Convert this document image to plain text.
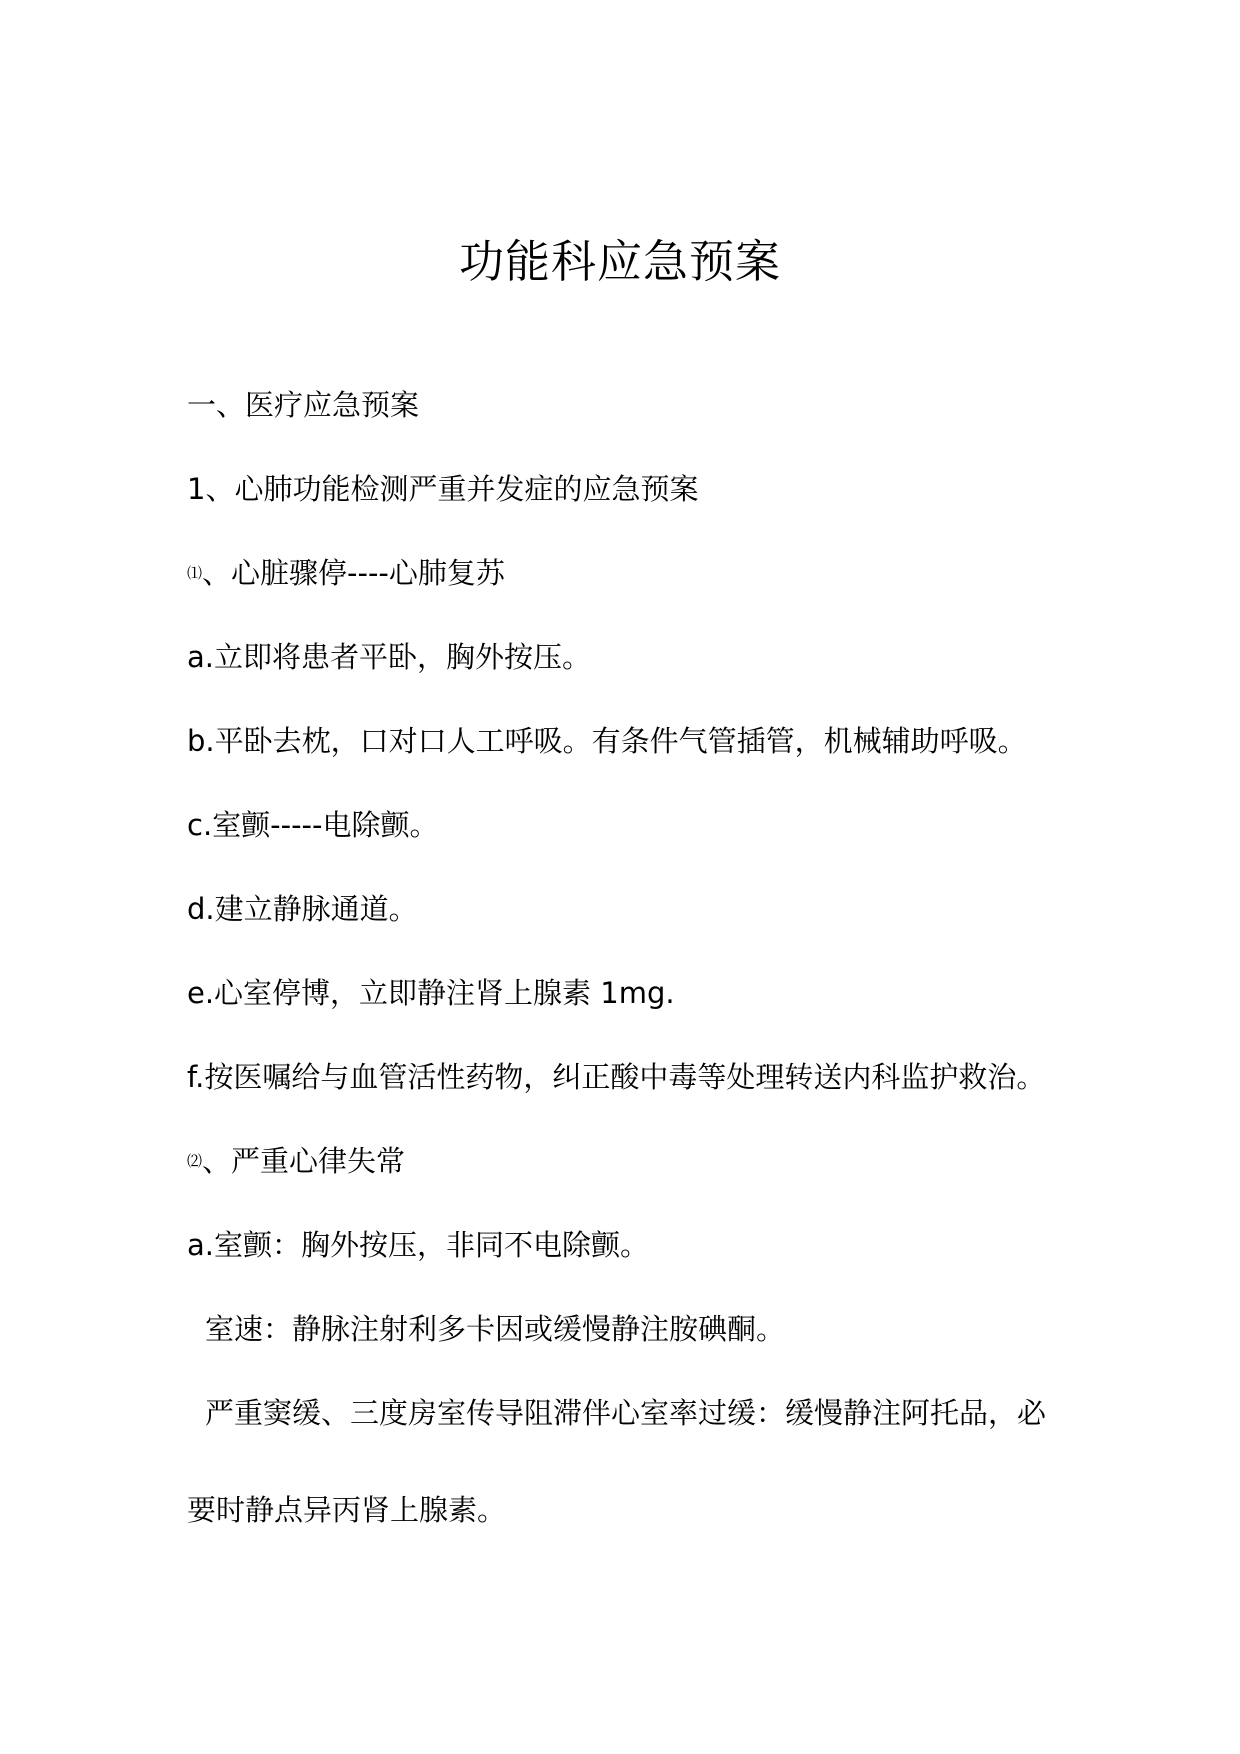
功能科应急预案
一、医疗应急预案
1、心肺功能检测严重并发症的应急预案
⑴、心脏骤停----心肺复苏
a.立即将患者平卧，胸外按压。
b.平卧去枕，口对口人工呼吸。有条件气管插管，机械辅助呼吸。
c.室颤-----电除颤。
d.建立静脉通道。
e.心室停博，立即静注肾上腺素 1mg.
f.按医嘱给与血管活性药物，纠正酸中毒等处理转送内科监护救治。
⑵、严重心律失常
a.室颤：胸外按压，非同不电除颤。
室速：静脉注射利多卡因或缓慢静注胺碘酮。
严重窦缓、三度房室传导阻滞伴心室率过缓：缓慢静注阿托品，必
要时静点异丙肾上腺素。
